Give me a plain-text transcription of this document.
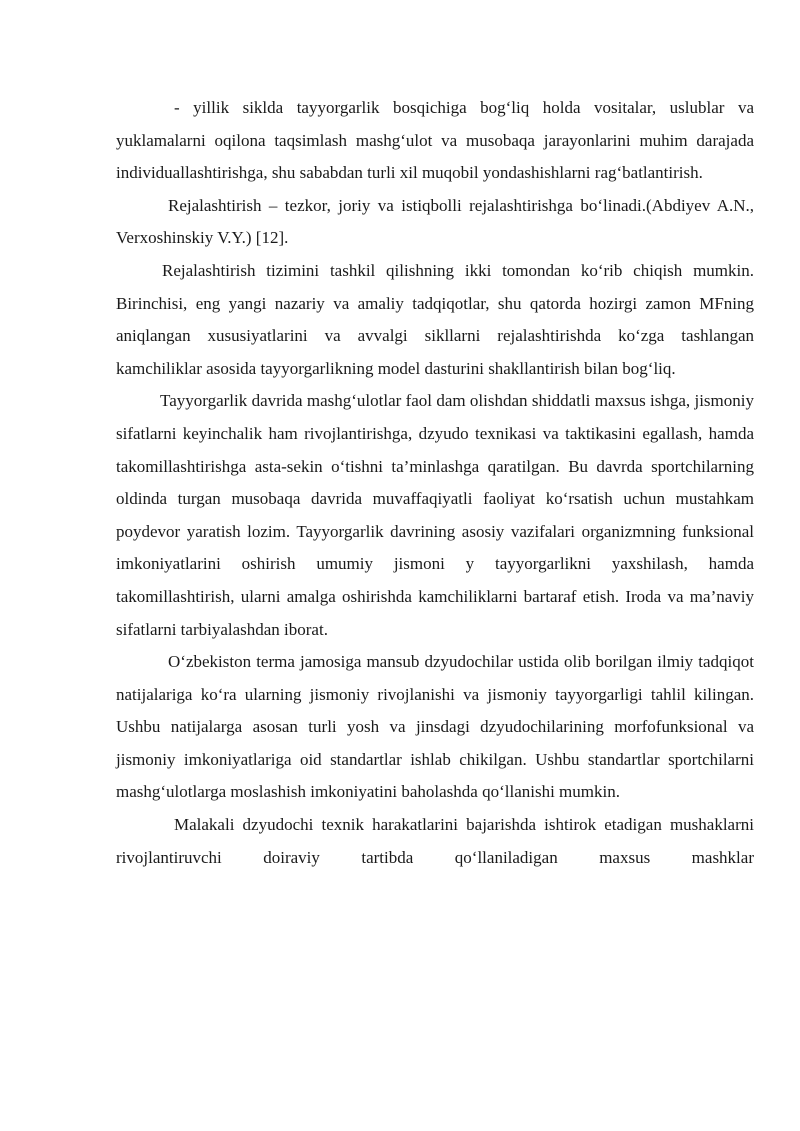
- yillik siklda tayyorgarlik bosqichiga bog‘liq holda vositalar, uslublar va yuklamalarni oqilona taqsimlash mashg‘ulot va musobaqa jarayonlarini muhim darajada individuallashtirishga, shu sababdan turli xil muqobil yondashishlarni rag‘batlantirish.

Rejalashtirish – tezkor, joriy va istiqbolli rejalashtirishga bo‘linadi.(Abdiyev A.N., Verxoshinskiy V.Y.) [12].

Rejalashtirish tizimini tashkil qilishning ikki tomondan ko‘rib chiqish mumkin. Birinchisi, eng yangi nazariy va amaliy tadqiqotlar, shu qatorda hozirgi zamon MFning aniqlangan xususiyatlarini va avvalgi sikllarni rejalashtirishda ko‘zga tashlangan kamchiliklar asosida tayyorgarlikning model dasturini shakllantirish bilan bog‘liq.

Tayyorgarlik davrida mashg‘ulotlar faol dam olishdan shiddatli maxsus ishga, jismoniy sifatlarni keyinchalik ham rivojlantirishga, dzyudo texnikasi va taktikasini egallash, hamda takomillashtirishga asta-sekin o‘tishni ta’minlashga qaratilgan. Bu davrda sportchilarning oldinda turgan musobaqa davrida muvaffaqiyatli faoliyat ko‘rsatish uchun mustahkam poydevor yaratish lozim. Tayyorgarlik davrining asosiy vazifalari organizmning funksional imkoniyatlarini oshirish umumiy jismoni y tayyorgarlikni yaxshilash, hamda takomillashtirish, ularni amalga oshirishda kamchiliklarni bartaraf etish. Iroda va ma’naviy sifatlarni tarbiyalashdan iborat.

O‘zbekiston terma jamosiga mansub dzyudochilar ustida olib borilgan ilmiy tadqiqot natijalariga ko‘ra ularning jismoniy rivojlanishi va jismoniy tayyorgarligi tahlil kilingan. Ushbu natijalarga asosan turli yosh va jinsdagi dzyudochilarining morfofunksional va jismoniy imkoniyatlariga oid standartlar ishlab chikilgan. Ushbu standartlar sportchilarni mashg‘ulotlarga moslashish imkoniyatini baholashda qo‘llanishi mumkin.

Malakali dzyudochi texnik harakatlarini bajarishda ishtirok etadigan mushaklarni rivojlantiruvchi doiraviy tartibda qo‘llaniladigan maxsus mashklar
